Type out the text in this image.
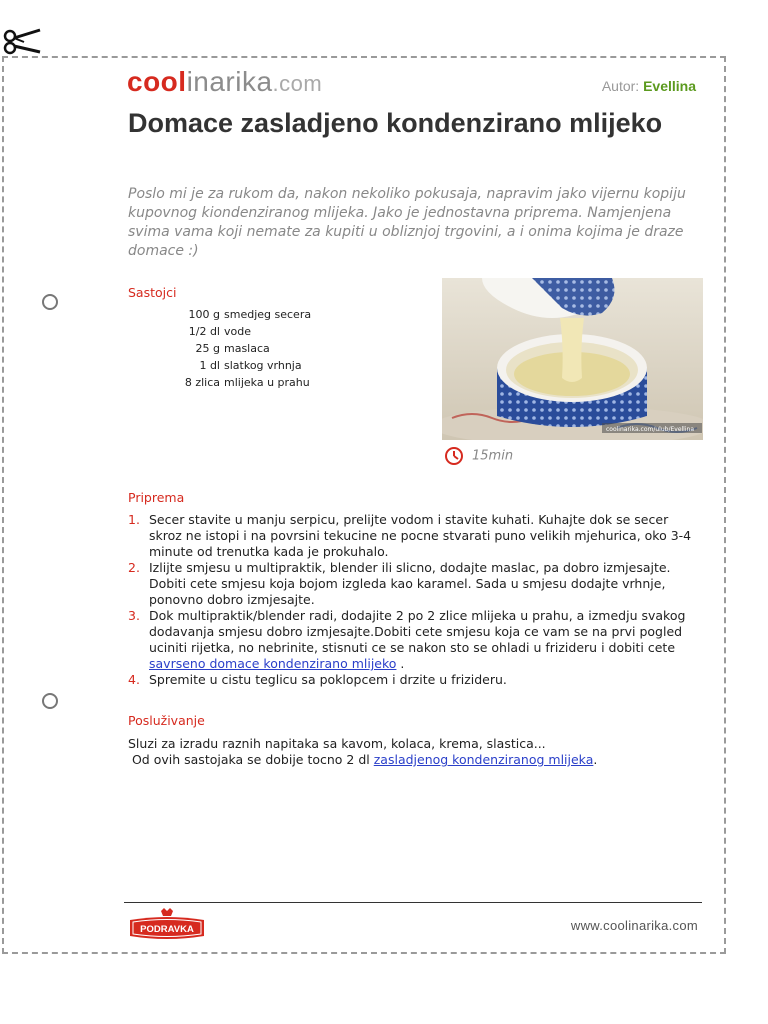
coolinarika.com	Autor: Evellina
Domace zasladjeno kondenzirano mlijeko

Poslo mi je za rukom da, nakon nekoliko pokusaja, napravim jako vijernu kopiju kupovnog kiondenziranog mlijeka. Jako je jednostavna priprema. Namjenjena svima vama koji nemate za kupiti u obliznjoj trgovini, a i onima kojima je draze domace :)

Sastojci
100 g	smedjeg secera
1/2 dl	vode
25 g	maslaca
1 dl	slatkog vrhnja
8 zlica	mlijeka u prahu
coolinarika.com/ulub/Evellina
15min
Priprema
1. Secer stavite u manju serpicu, prelijte vodom i stavite kuhati. Kuhajte dok se secer skroz ne istopi i na povrsini tekucine ne pocne stvarati puno velikih mjehurica, oko 3-4 minute od trenutka kada je prokuhalo.
2. Izlijte smjesu u multipraktik, blender ili slicno, dodajte maslac, pa dobro izmjesajte. Dobiti cete smjesu koja bojom izgleda kao karamel. Sada u smjesu dodajte vrhnje, ponovno dobro izmjesajte.
3. Dok multipraktik/blender radi, dodajite 2 po 2 zlice mlijeka u prahu, a izmedju svakog dodavanja smjesu dobro izmjesajte.Dobiti cete smjesu koja ce vam se na prvi pogled uciniti rijetka, no nebrinite, stisnuti ce se nakon sto se ohladi u frizideru i dobiti cete savrseno domace kondenzirano mlijeko .
4. Spremite u cistu teglicu sa poklopcem i drzite u frizideru.
Posluživanje
Sluzi za izradu raznih napitaka sa kavom, kolaca, krema, slastica...
Od ovih sastojaka se dobije tocno 2 dl zasladjenog kondenziranog mlijeka.
PODRAVKA	www.coolinarika.com
